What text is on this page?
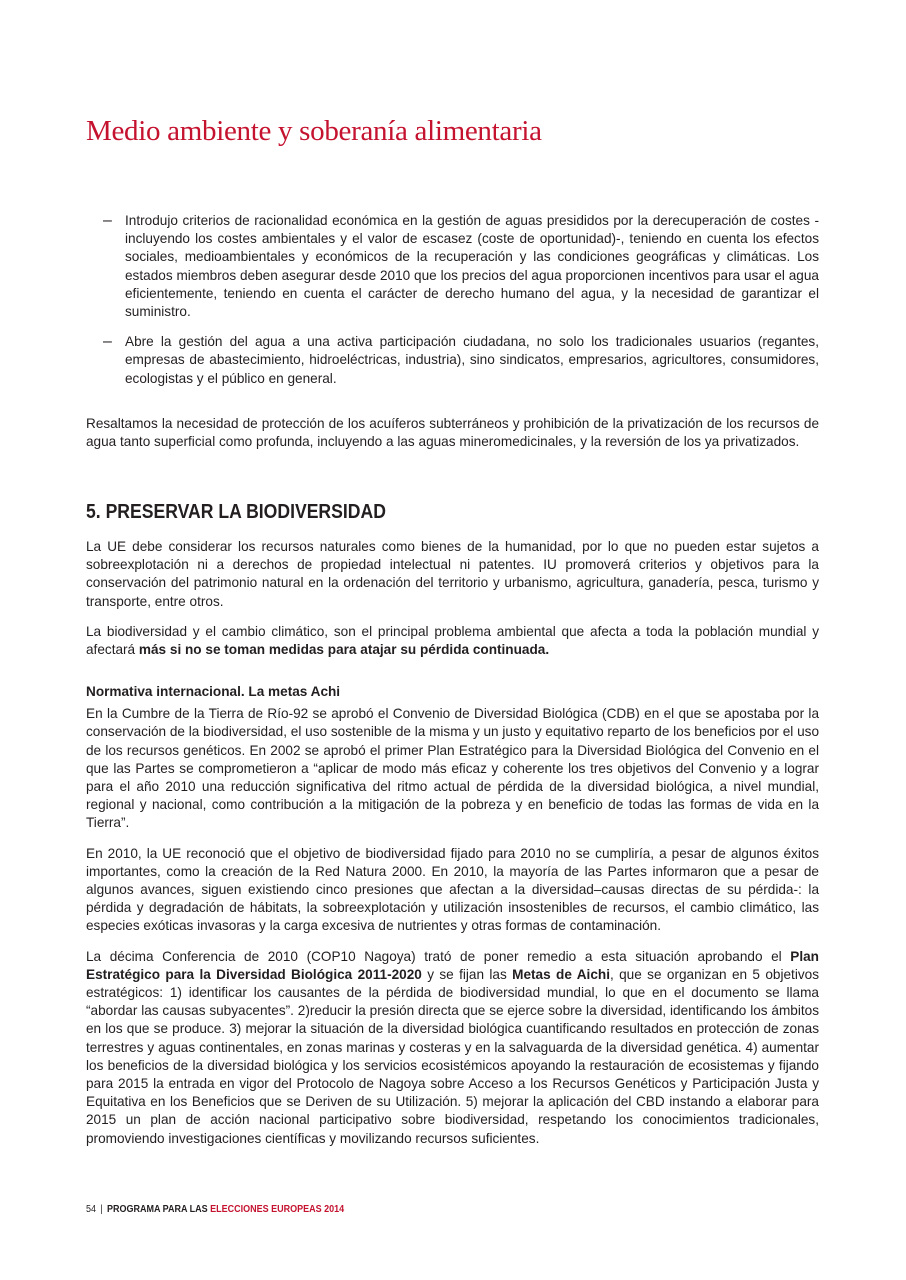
Medio ambiente y soberanía alimentaria
– Introdujo criterios de racionalidad económica en la gestión de aguas presididos por la derecuperación de costes -incluyendo los costes ambientales y el valor de escasez (coste de oportunidad)-, teniendo en cuenta los efectos sociales, medioambientales y económicos de la recuperación y las condiciones geográficas y climáticas. Los estados miembros deben asegurar desde 2010 que los precios del agua proporcionen incentivos para usar el agua eficientemente, teniendo en cuenta el carácter de derecho humano del agua, y la necesidad de garantizar el suministro.

– Abre la gestión del agua a una activa participación ciudadana, no solo los tradicionales usuarios (regantes, empresas de abastecimiento, hidroeléctricas, industria), sino sindicatos, empresarios, agricultores, consumidores, ecologistas y el público en general.

Resaltamos la necesidad de protección de los acuíferos subterráneos y prohibición de la privatización de los recursos de agua tanto superficial como profunda, incluyendo a las aguas mineromedicinales, y la reversión de los ya privatizados.

5. PRESERVAR LA BIODIVERSIDAD

La UE debe considerar los recursos naturales como bienes de la humanidad, por lo que no pueden estar sujetos a sobreexplotación ni a derechos de propiedad intelectual ni patentes. IU promoverá criterios y objetivos para la conservación del patrimonio natural en la ordenación del territorio y urbanismo, agricultura, ganadería, pesca, turismo y transporte, entre otros.

La biodiversidad y el cambio climático, son el principal problema ambiental que afecta a toda la población mundial y afectará más si no se toman medidas para atajar su pérdida continuada.

Normativa internacional. La metas Achi

En la Cumbre de la Tierra de Río-92 se aprobó el Convenio de Diversidad Biológica (CDB) en el que se apostaba por la conservación de la biodiversidad, el uso sostenible de la misma y un justo y equitativo reparto de los beneficios por el uso de los recursos genéticos. En 2002 se aprobó el primer Plan Estratégico para la Diversidad Biológica del Convenio en el que las Partes se comprometieron a “aplicar de modo más eficaz y coherente los tres objetivos del Convenio y a lograr para el año 2010 una reducción significativa del ritmo actual de pérdida de la diversidad biológica, a nivel mundial, regional y nacional, como contribución a la mitigación de la pobreza y en beneficio de todas las formas de vida en la Tierra”.

En 2010, la UE reconoció que el objetivo de biodiversidad fijado para 2010 no se cumpliría, a pesar de algunos éxitos importantes, como la creación de la Red Natura 2000. En 2010, la mayoría de las Partes informaron que a pesar de algunos avances, siguen existiendo cinco presiones que afectan a la diversidad–causas directas de su pérdida-: la pérdida y degradación de hábitats, la sobreexplotación y utilización insostenibles de recursos, el cambio climático, las especies exóticas invasoras y la carga excesiva de nutrientes y otras formas de contaminación.

La décima Conferencia de 2010 (COP10 Nagoya) trató de poner remedio a esta situación aprobando el Plan Estratégico para la Diversidad Biológica 2011-2020 y se fijan las Metas de Aichi, que se organizan en 5 objetivos estratégicos: 1) identificar los causantes de la pérdida de biodiversidad mundial, lo que en el documento se llama “abordar las causas subyacentes”. 2)reducir la presión directa que se ejerce sobre la diversidad, identificando los ámbitos en los que se produce. 3) mejorar la situación de la diversidad biológica cuantificando resultados en protección de zonas terrestres y aguas continentales, en zonas marinas y costeras y en la salvaguarda de la diversidad genética. 4) aumentar los beneficios de la diversidad biológica y los servicios ecosistémicos apoyando la restauración de ecosistemas y fijando para 2015 la entrada en vigor del Protocolo de Nagoya sobre Acceso a los Recursos Genéticos y Participación Justa y Equitativa en los Beneficios que se Deriven de su Utilización. 5) mejorar la aplicación del CBD instando a elaborar para 2015 un plan de acción nacional participativo sobre biodiversidad, respetando los conocimientos tradicionales, promoviendo investigaciones científicas y movilizando recursos suficientes.

54 | PROGRAMA PARA LAS ELECCIONES EUROPEAS 2014
